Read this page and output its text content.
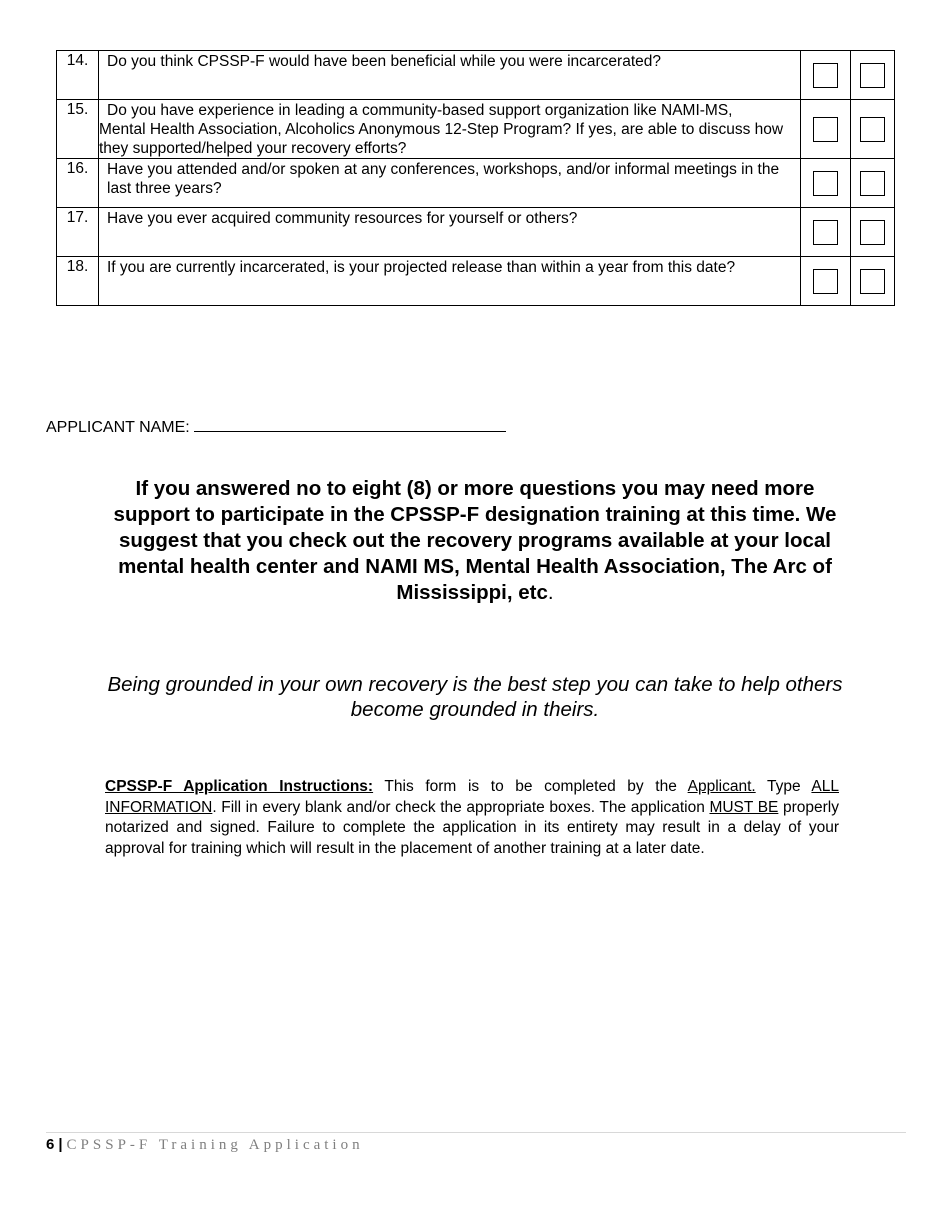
14.	Do you think CPSSP-F would have been beneficial while you were incarcerated?		
15.	Do you have experience in leading a community-based support organization like NAMI-MS,
Mental Health Association, Alcoholics Anonymous 12-Step Program? If yes, are able to discuss how they supported/helped your recovery efforts?		

16.	Have you attended and/or spoken at any conferences, workshops, and/or informal meetings in the last three years?		
17.	Have you ever acquired community resources for yourself or others?		
18.	If you are currently incarcerated, is your projected release than within a year from this date?		
APPLICANT NAME:
If you answered no to eight (8) or more questions you may need more support to participate in the CPSSP-F designation training at this time. We suggest that you check out the recovery programs available at your local mental health center and NAMI MS, Mental Health Association, The Arc of Mississippi, etc.
Being grounded in your own recovery is the best step you can take to help others become grounded in theirs.
CPSSP-F Application Instructions: This form is to be completed by the Applicant. Type ALL INFORMATION. Fill in every blank and/or check the appropriate boxes. The application MUST BE properly notarized and signed. Failure to complete the application in its entirety may result in a delay of your approval for training which will result in the placement of another training at a later date.
6 | CPSSP-F Training Application
